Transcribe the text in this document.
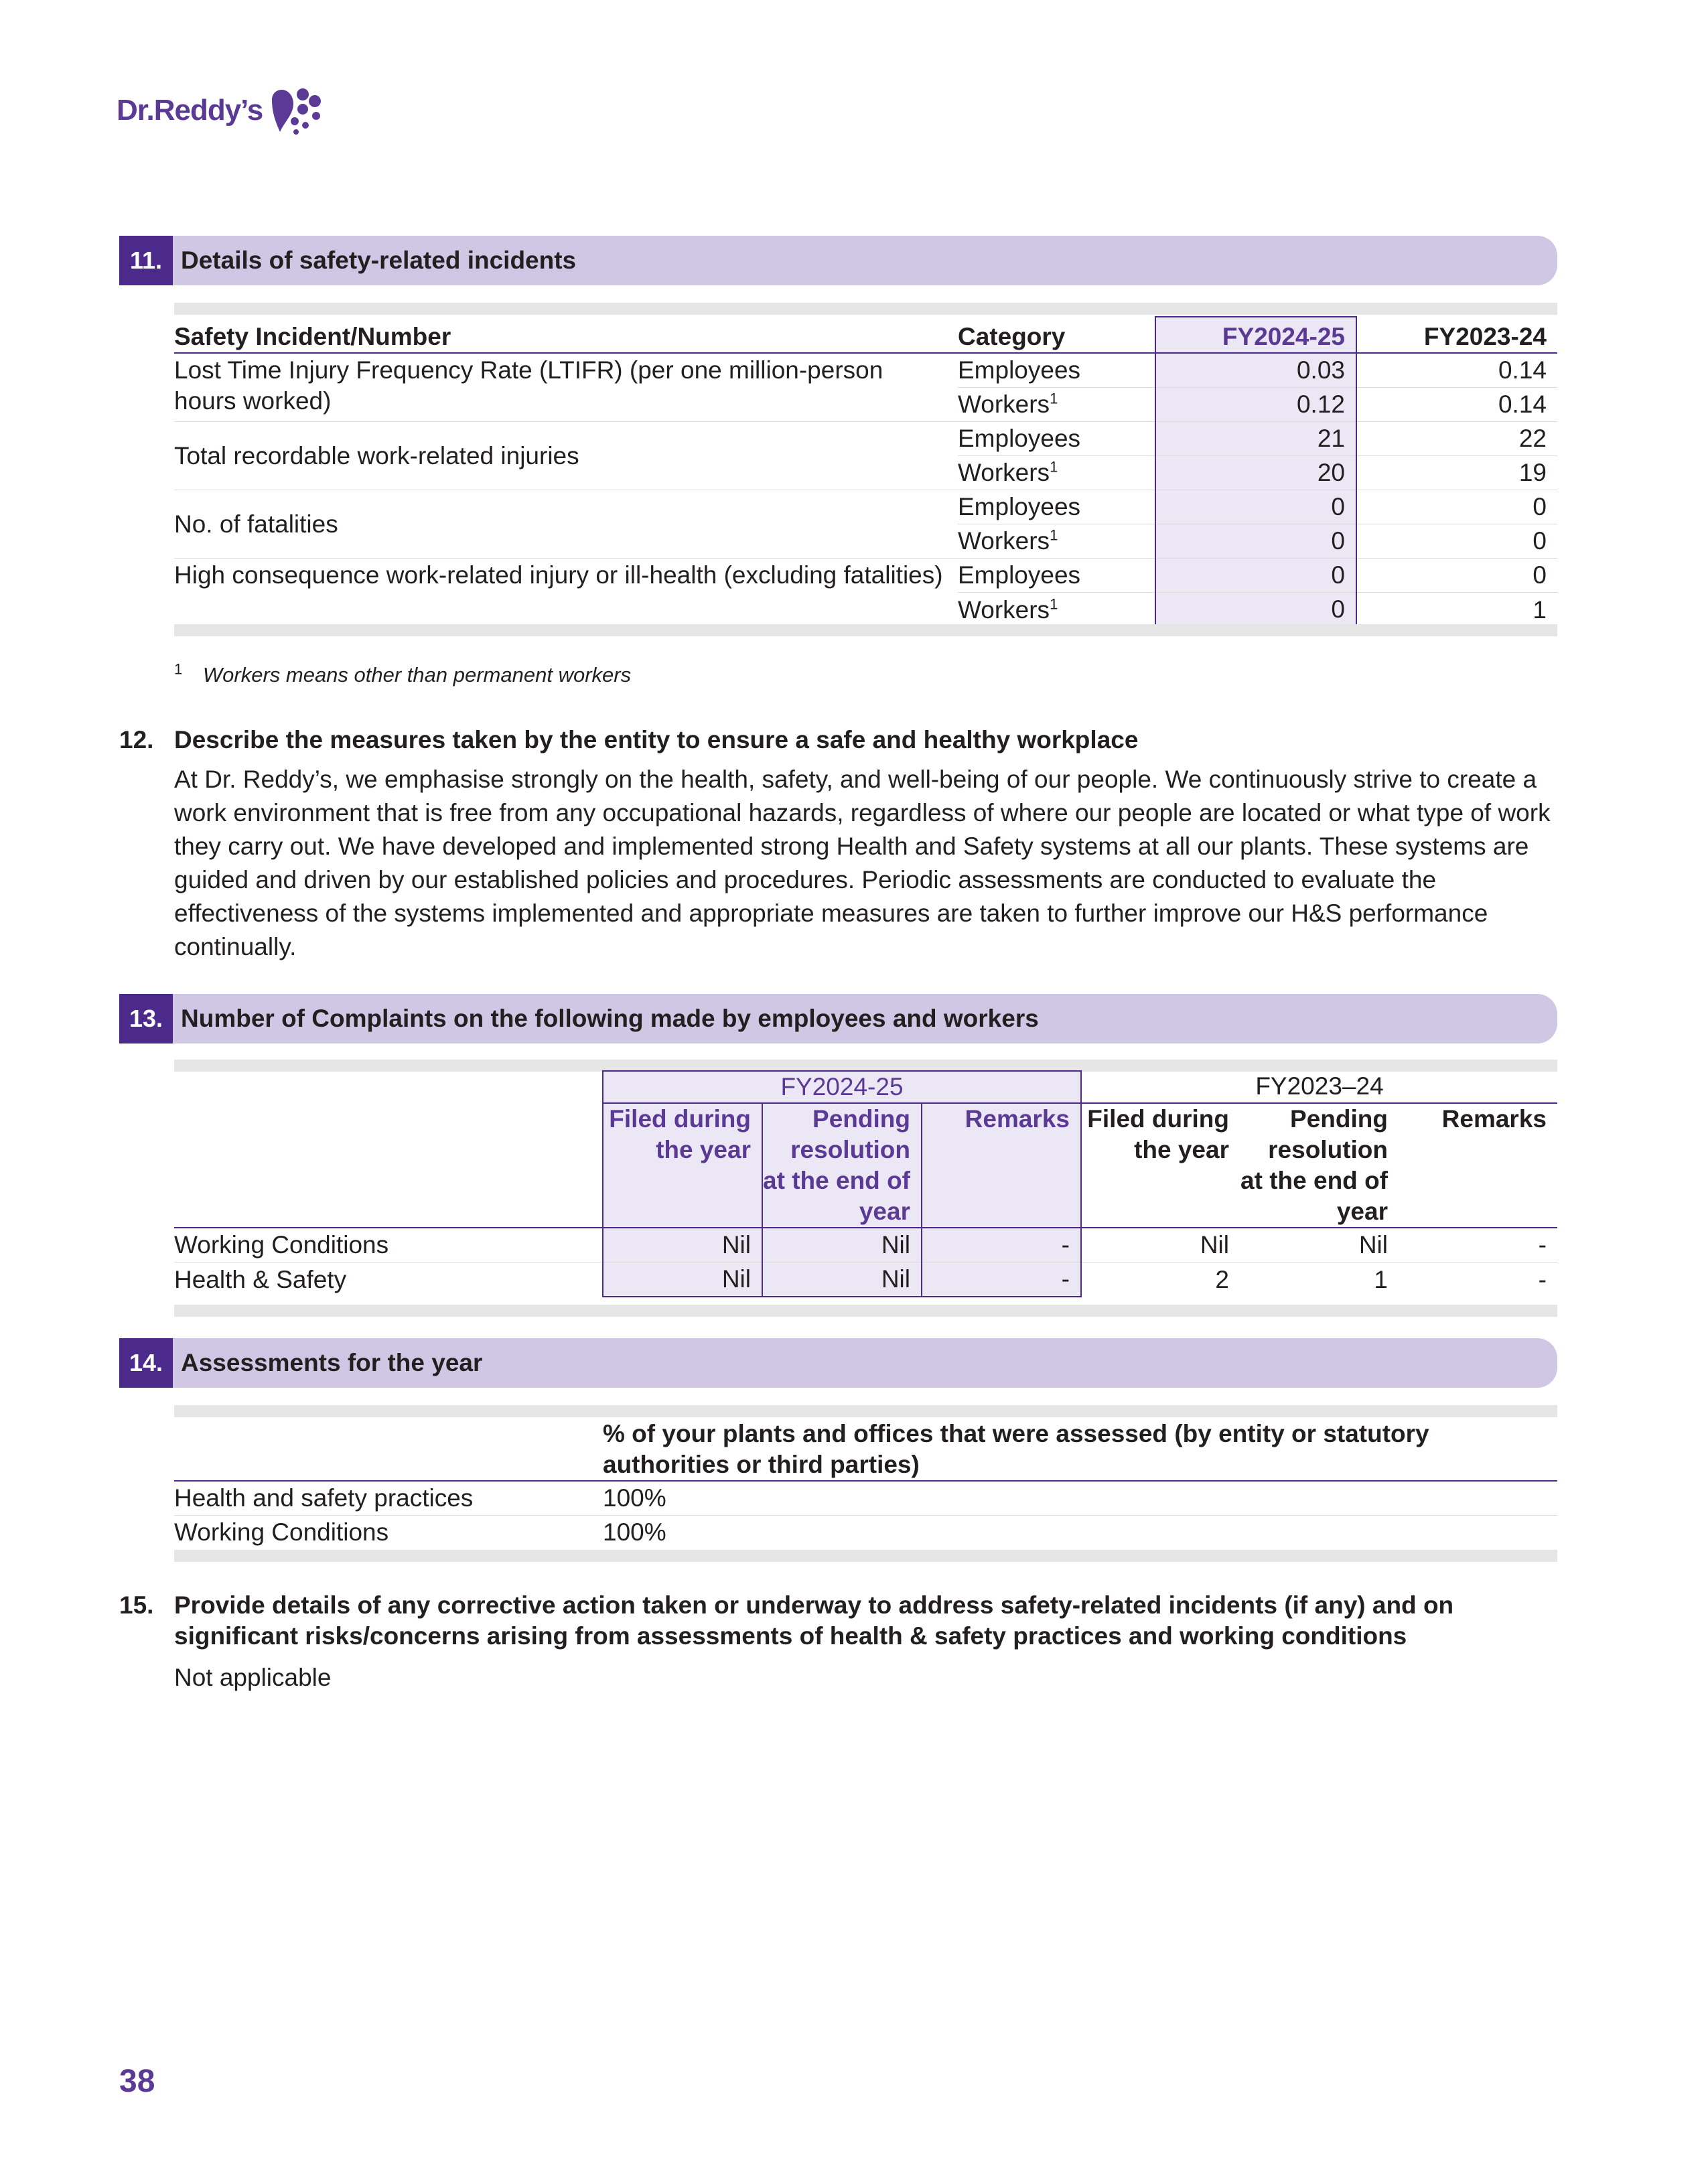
Dr.Reddy’s
11. Details of safety-related incidents
Safety Incident/Number	Category	FY2024-25	FY2023-24
Lost Time Injury Frequency Rate (LTIFR) (per one million-person hours worked)	Employees	0.03	0.14
	Workers$^1$	0.12	0.14
Total recordable work-related injuries	Employees	21	22
	Workers$^1$	20	19
No. of fatalities	Employees	0	0
	Workers$^1$	0	0
High consequence work-related injury or ill-health (excluding fatalities)	Employees	0	0
	Workers$^1$	0	1
$^1$ Workers means other than permanent workers
12. Describe the measures taken by the entity to ensure a safe and healthy workplace
At Dr. Reddy’s, we emphasise strongly on the health, safety, and well-being of our people. We continuously strive to create a work environment that is free from any occupational hazards, regardless of where our people are located or what type of work they carry out. We have developed and implemented strong Health and Safety systems at all our plants. These systems are guided and driven by our established policies and procedures. Periodic assessments are conducted to evaluate the effectiveness of the systems implemented and appropriate measures are taken to further improve our H&S performance continually.
13. Number of Complaints on the following made by employees and workers
	FY2024-25			FY2023–24		
	Filed during the year	Pending resolution at the end of year	Remarks	Filed during the year	Pending resolution at the end of year	Remarks
Working Conditions	Nil	Nil	-	Nil	Nil	-
Health & Safety	Nil	Nil	-	2	1	-
14. Assessments for the year
	% of your plants and offices that were assessed (by entity or statutory authorities or third parties)
Health and safety practices	100%
Working Conditions	100%
15. Provide details of any corrective action taken or underway to address safety-related incidents (if any) and on significant risks/concerns arising from assessments of health & safety practices and working conditions
Not applicable
38
